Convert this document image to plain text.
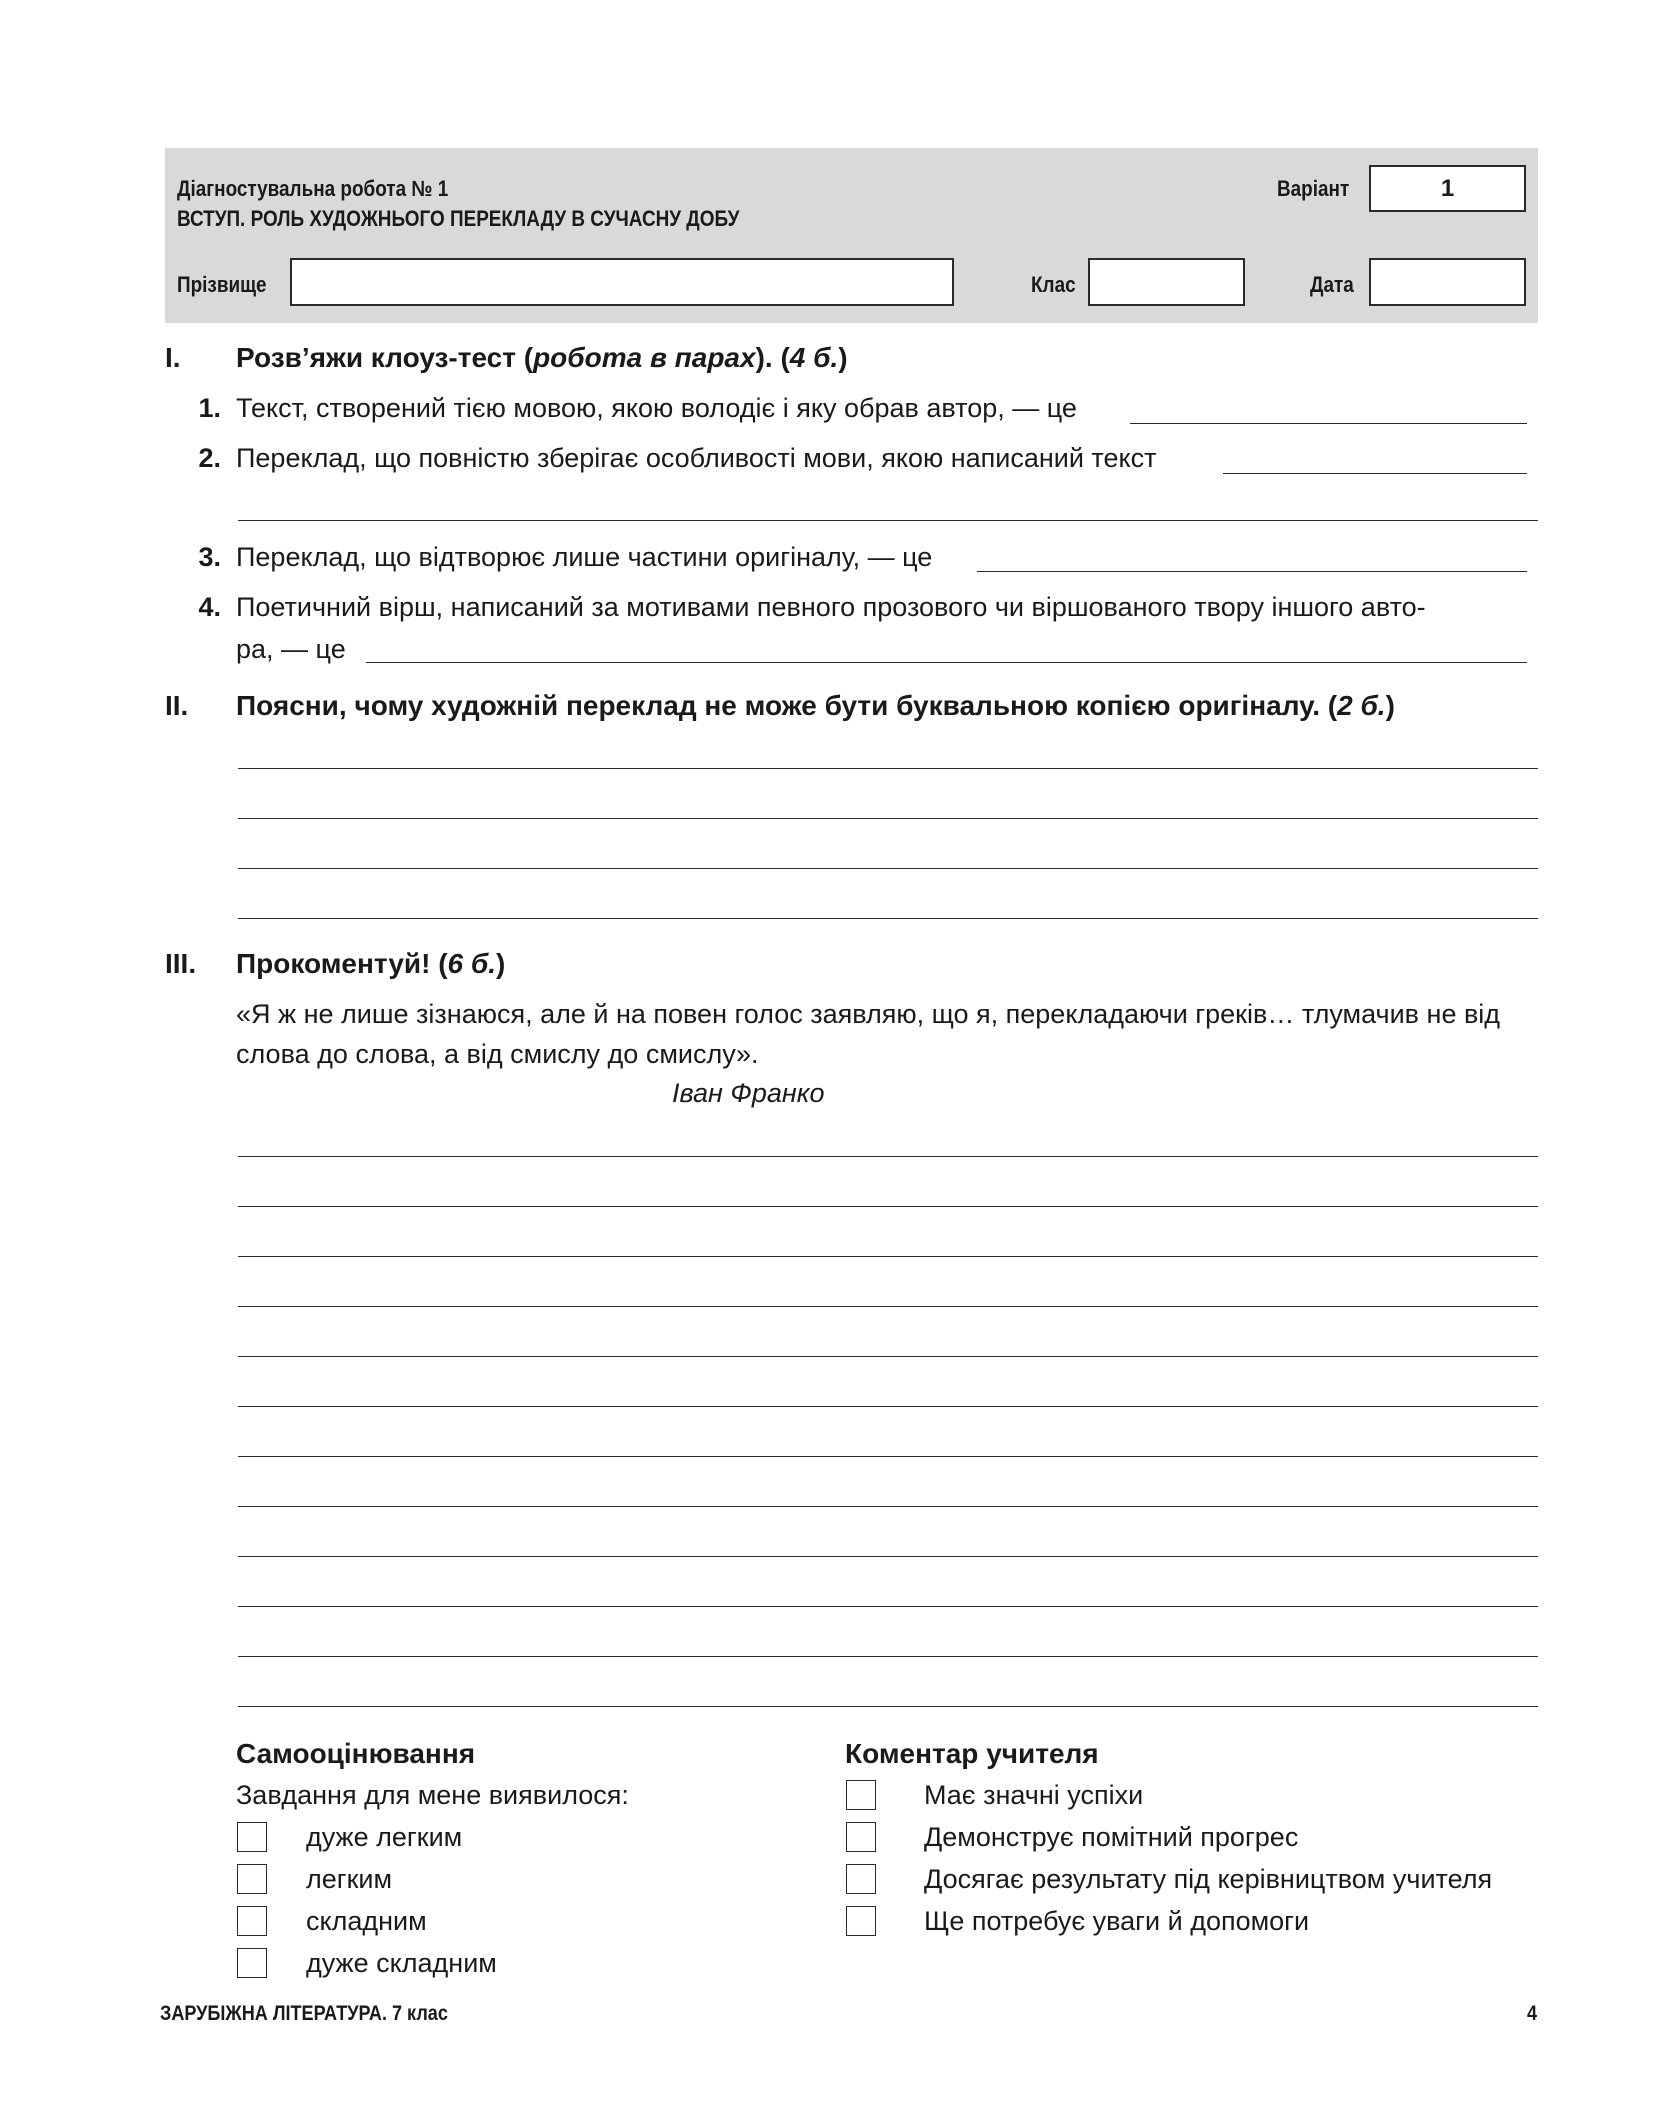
Діагностувальна робота № 1
ВСТУП. РОЛЬ ХУДОЖНЬОГО ПЕРЕКЛАДУ В СУЧАСНУ ДОБУ
Варіант	1
Прізвище	Клас	Дата
I. Розв’яжи клоуз-тест (робота в парах). (4 б.)
1. Текст, створений тією мовою, якою володіє і яку обрав автор, — це
2. Переклад, що повністю зберігає особливості мови, якою написаний текст
3. Переклад, що відтворює лише частини оригіналу, — це
4. Поетичний вірш, написаний за мотивами певного прозового чи віршованого твору іншого авто-
ра, — це
II. Поясни, чому художній переклад не може бути буквальною копією оригіналу. (2 б.)
III. Прокоментуй! (6 б.)
«Я ж не лише зізнаюся, але й на повен голос заявляю, що я, перекладаючи греків… тлумачив не від слова до слова, а від смислу до смислу».
Іван Франко
Самооцінювання
Завдання для мене виявилося:
дуже легким
легким
складним
дуже складним
Коментар учителя
Має значні успіхи
Демонструє помітний прогрес
Досягає результату під керівництвом учителя
Ще потребує уваги й допомоги
ЗАРУБІЖНА ЛІТЕРАТУРА. 7 клас	4
